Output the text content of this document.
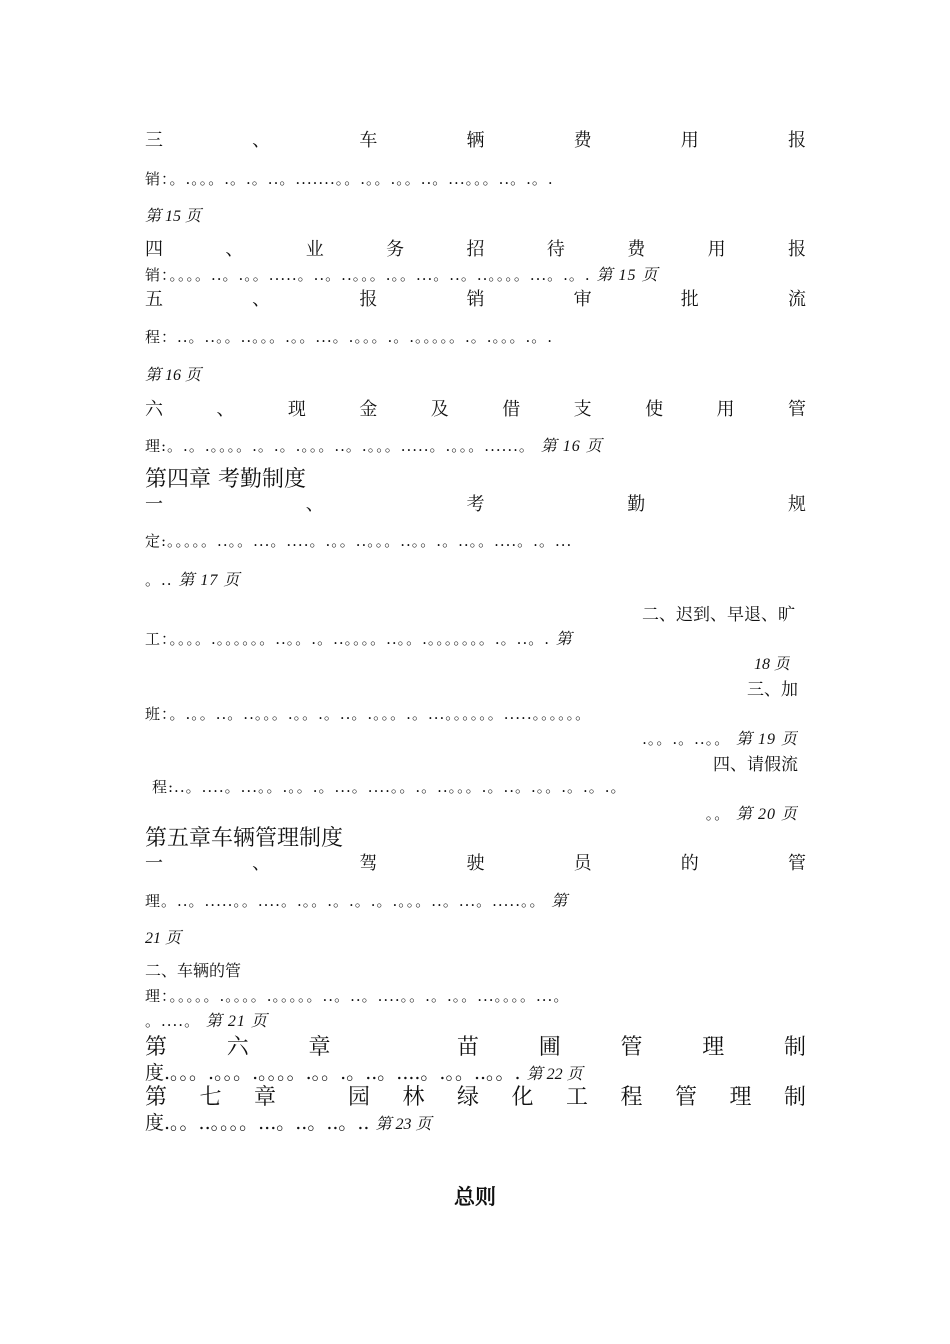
三	、	车	辆	费	用	报
销：。.。。。.。.。..。.......。。.。。.。。..。...。。。..。.。.
第 15 页
四	、	业	务	招	待	费	用	报
销：。。。。..。.。。.....。..。..。。。.。。...。..。..。。。。...。.。. 第 15 页
五	、	报	销	审	批	流
程：..。..。。..。。。.。。...。.。。。.。.。。。。。.。.。。。.。.
第 16 页
六	、	现	金	及	借	支	使	用	管
理:。.。.。。。。.。.。.。。。..。.。。。.....。.。。。......。 第 16 页
第四章 考勤制度
一	、	考	勤	规
定:。。。。。..。。...。....。.。。..。。。..。。.。..。。....。.。...
。.. 第 17 页
二、迟到、早退、旷
工：。。。。.。。。。。。..。。.。..。。。。..。。.。。。。。。。.。..。. 第
18 页
三、加
班：。.。。..。..。。。.。。.。..。.。。。.。...。。。。。。.....。。。。。。
.。。.。..。。 第 19 页
四、请假流
程:..。....。...。。.。。.。...。....。。.。..。。。.。..。.。。.。.。.。
。。 第 20 页
第五章车辆管理制度
一	、	驾	驶	员	的	管
理。..。.....。。....。.。。.。.。.。.。。。..。...。.....。。 第
21 页
二、车辆的管
理：。。。。。.。。。。.。。。。。..。..。....。。.。.。。...。。。。...。
。....。 第 21 页
第	六	章
	苗	圃	管	理	制
度.。。。.。。。.。。。。.。。.。..。....。.。。..。。. 第 22 页
第 七 章
	园 林 绿 化 工 程 管 理 制
度.。。..。。。。...。..。..。.. 第 23 页
总则
